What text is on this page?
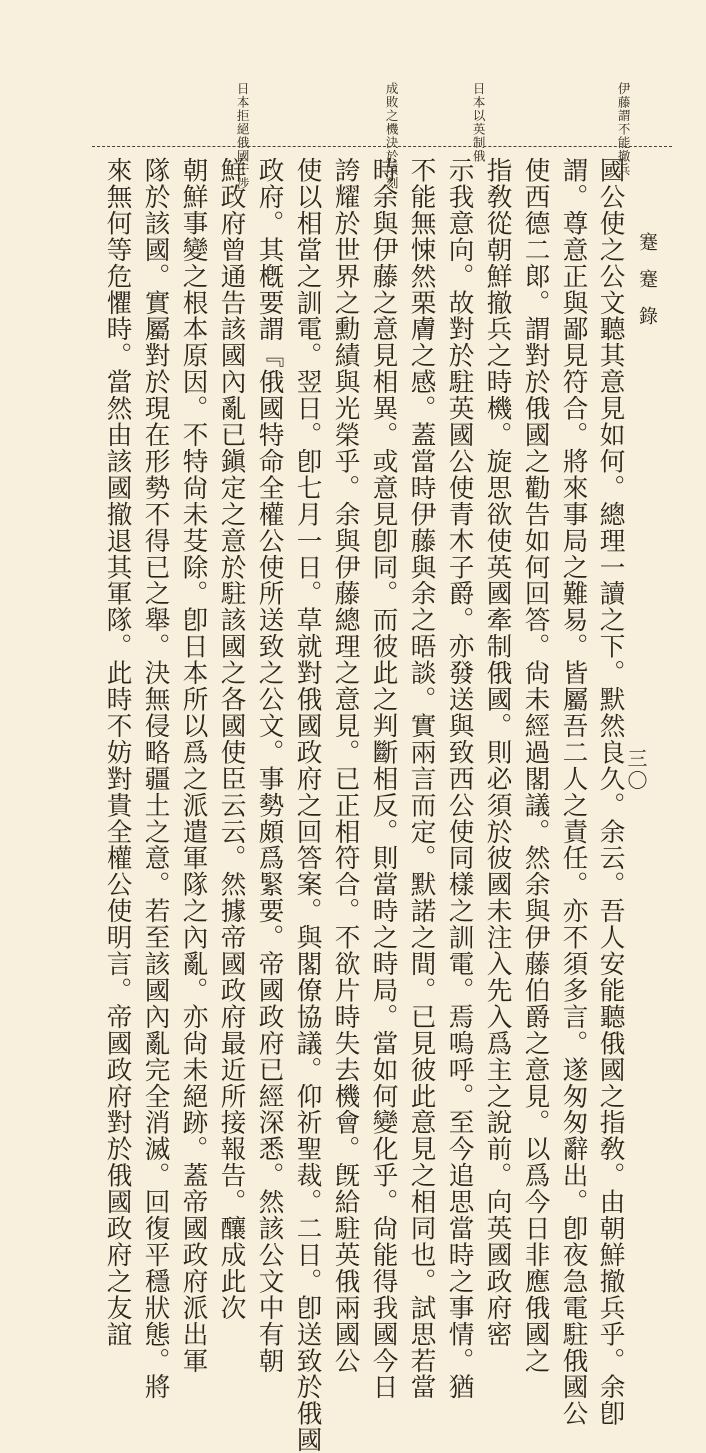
蹇蹇錄
三〇
伊藤謂不能撤兵
日本以英制俄
成敗之機決於頃刻
日本拒絕俄國干涉
國公使之公文聽其意見如何。總理一讀之下。默然良久。余云。吾人安能聽俄國之指敎。由朝鮮撤兵乎。余卽
謂。尊意正與鄙見符合。將來事局之難易。皆屬吾二人之責任。亦不須多言。遂匆匆辭出。卽夜急電駐俄國公
使西德二郞。謂對於俄國之勸告如何回答。尙未經過閣議。然余與伊藤伯爵之意見。以爲今日非應俄國之
指敎從朝鮮撤兵之時機。旋思欲使英國牽制俄國。則必須於彼國未注入先入爲主之說前。向英國政府密
示我意向。故對於駐英國公使青木子爵。亦發送與致西公使同樣之訓電。焉嗚呼。至今追思當時之事情。猶
不能無悚然栗膚之感。蓋當時伊藤與余之晤談。實兩言而定。默諾之間。已見彼此意見之相同也。試思若當
時余與伊藤之意見相異。或意見卽同。而彼此之判斷相反。則當時之時局。當如何變化乎。尙能得我國今日
誇耀於世界之勳績與光榮乎。余與伊藤總理之意見。已正相符合。不欲片時失去機會。旣給駐英俄兩國公
使以相當之訓電。翌日。卽七月一日。草就對俄國政府之回答案。與閣僚協議。仰祈聖裁。二日。卽送致於俄國
政府。其槪要謂『俄國特命全權公使所送致之公文。事勢頗爲緊要。帝國政府已經深悉。然該公文中有朝
鮮政府曾通告該國內亂已鎭定之意於駐該國之各國使臣云云。然據帝國政府最近所接報告。釀成此次
朝鮮事變之根本原因。不特尙未芟除。卽日本所以爲之派遣軍隊之內亂。亦尙未絕跡。蓋帝國政府派出軍
隊於該國。實屬對於現在形勢不得已之舉。決無侵略疆土之意。若至該國內亂完全消滅。回復平穩狀態。將
來無何等危懼時。當然由該國撤退其軍隊。此時不妨對貴全權公使明言。帝國政府對於俄國政府之友誼
